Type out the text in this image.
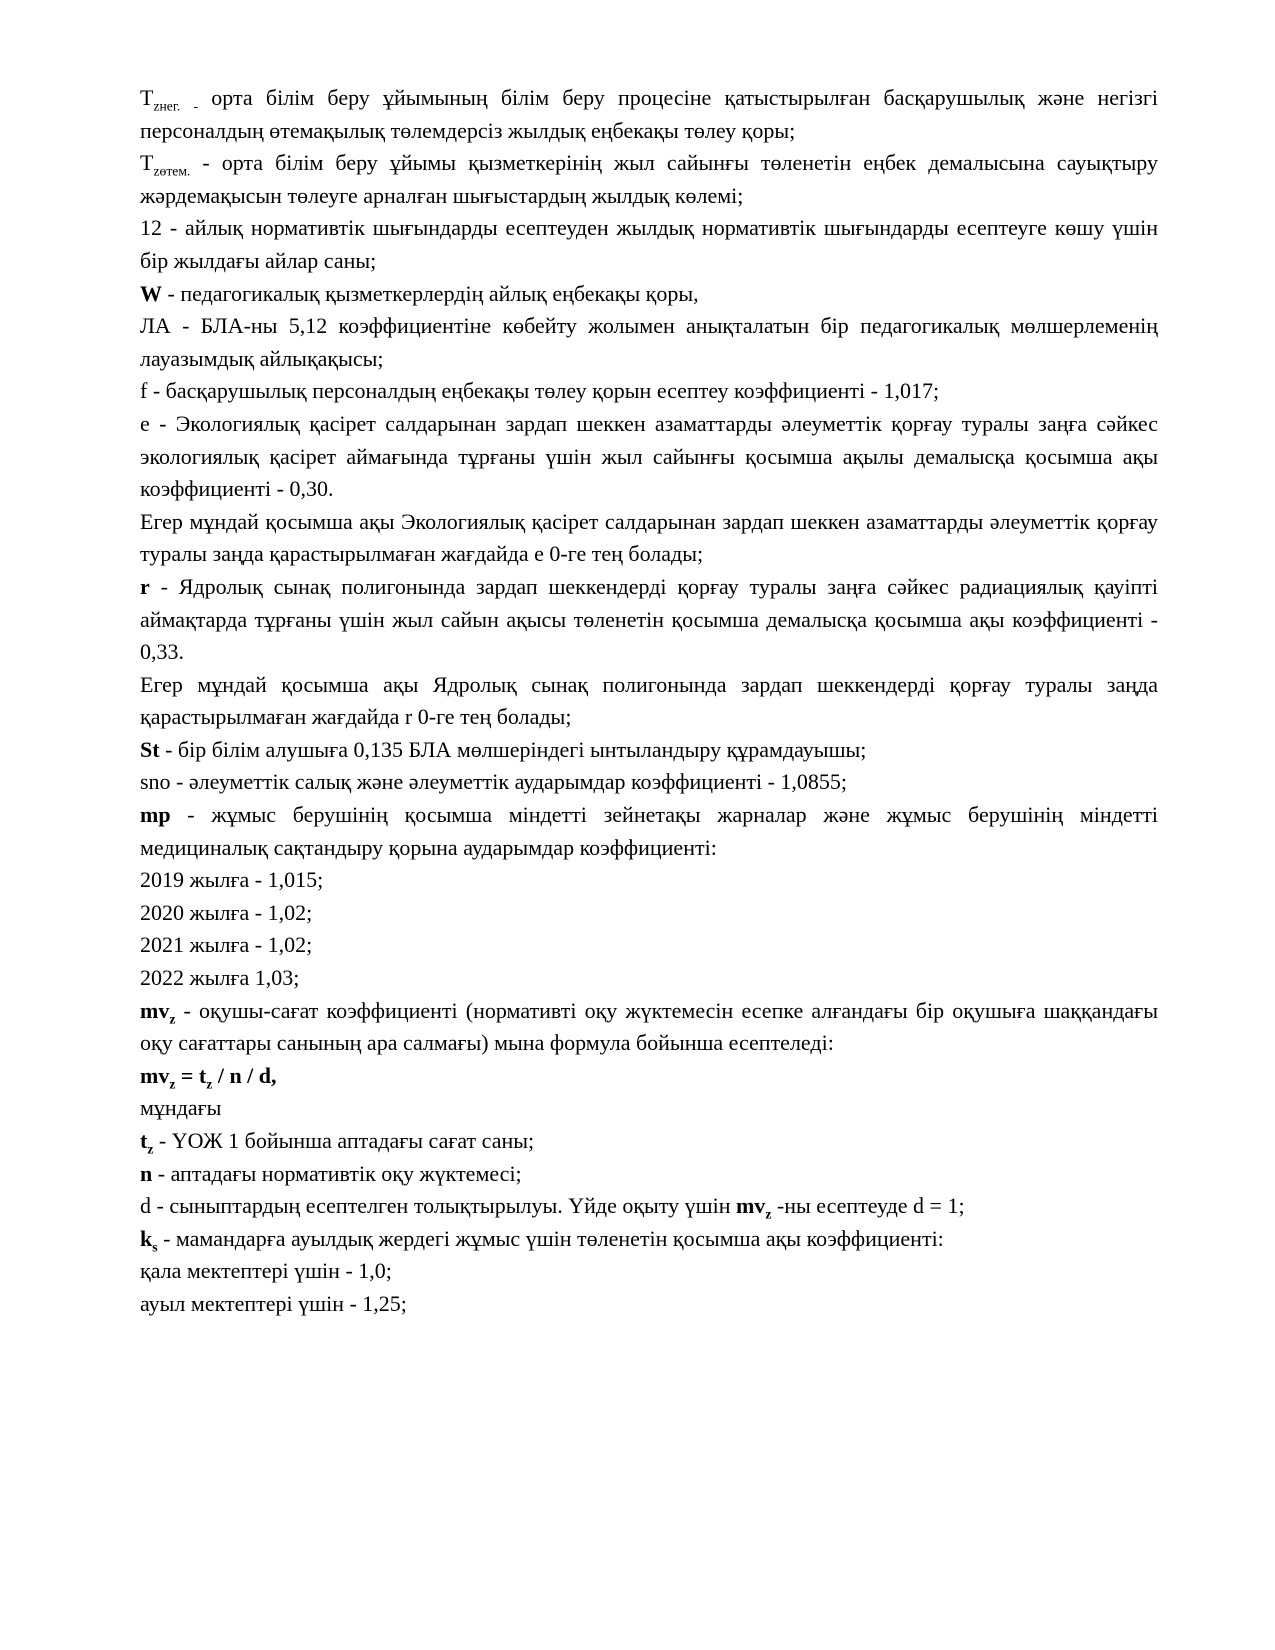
$Т_{zнег.}$ $_-$ орта білім беру ұйымының білім беру процесіне қатыстырылған басқарушылық және негізгі персоналдың өтемақылық төлемдерсіз жылдық еңбекақы төлеу қоры;

$Т_{zөтем.}$ - орта білім беру ұйымы қызметкерінің жыл сайынғы төленетін еңбек демалысына сауықтыру жәрдемақысын төлеуге арналған шығыстардың жылдық көлемі;

12 - айлық нормативтік шығындарды есептеуден жылдық нормативтік шығындарды есептеуге көшу үшін бір жылдағы айлар саны;

W - педагогикалық қызметкерлердің айлық еңбекақы қоры,

ЛА - БЛА-ны 5,12 коэффициентіне көбейту жолымен анықталатын бір педагогикалық мөлшерлеменің лауазымдық айлықақысы;

f - басқарушылық персоналдың еңбекақы төлеу қорын есептеу коэффициенті - 1,017;

е - Экологиялық қасірет салдарынан зардап шеккен азаматтарды әлеуметтік қорғау туралы заңға сәйкес экологиялық қасірет аймағында тұрғаны үшін жыл сайынғы қосымша ақылы демалысқа қосымша ақы коэффициенті - 0,30.

Егер мұндай қосымша ақы Экологиялық қасірет салдарынан зардап шеккен азаматтарды әлеуметтік қорғау туралы заңда қарастырылмаған жағдайда е 0-ге тең болады;

r - Ядролық сынақ полигонында зардап шеккендерді қорғау туралы заңға сәйкес радиациялық қауіпті аймақтарда тұрғаны үшін жыл сайын ақысы төленетін қосымша демалысқа қосымша ақы коэффициенті - 0,33.

Егер мұндай қосымша ақы Ядролық сынақ полигонында зардап шеккендерді қорғау туралы заңда қарастырылмаған жағдайда r 0-ге тең болады;

St - бір білім алушыға 0,135 БЛА мөлшеріндегі ынтыландыру құрамдауышы;

sno - әлеуметтік салық және әлеуметтік аударымдар коэффициенті - 1,0855;

mp - жұмыс берушінің қосымша міндетті зейнетақы жарналар және жұмыс берушінің міндетті медициналық сақтандыру қорына аударымдар коэффициенті:

2019 жылға - 1,015;

2020 жылға - 1,02;

2021 жылға - 1,02;

2022 жылға 1,03;

$mv_z$ - оқушы-сағат коэффициенті (нормативті оқу жүктемесін есепке алғандағы бір оқушыға шаққандағы оқу сағаттары санының ара салмағы) мына формула бойынша есептеледі:

$mv_z = t_z / n / d$,

мұндағы

$t_z$ - ҮОЖ 1 бойынша аптадағы сағат саны;

n - аптадағы нормативтік оқу жүктемесі;

d - сыныптардың есептелген толықтырылуы. Үйде оқыту үшін $mv_z$ -ны есептеуде d = 1;

$k_s$ - мамандарға ауылдық жердегі жұмыс үшін төленетін қосымша ақы коэффициенті:

қала мектептері үшін - 1,0;

ауыл мектептері үшін - 1,25;
